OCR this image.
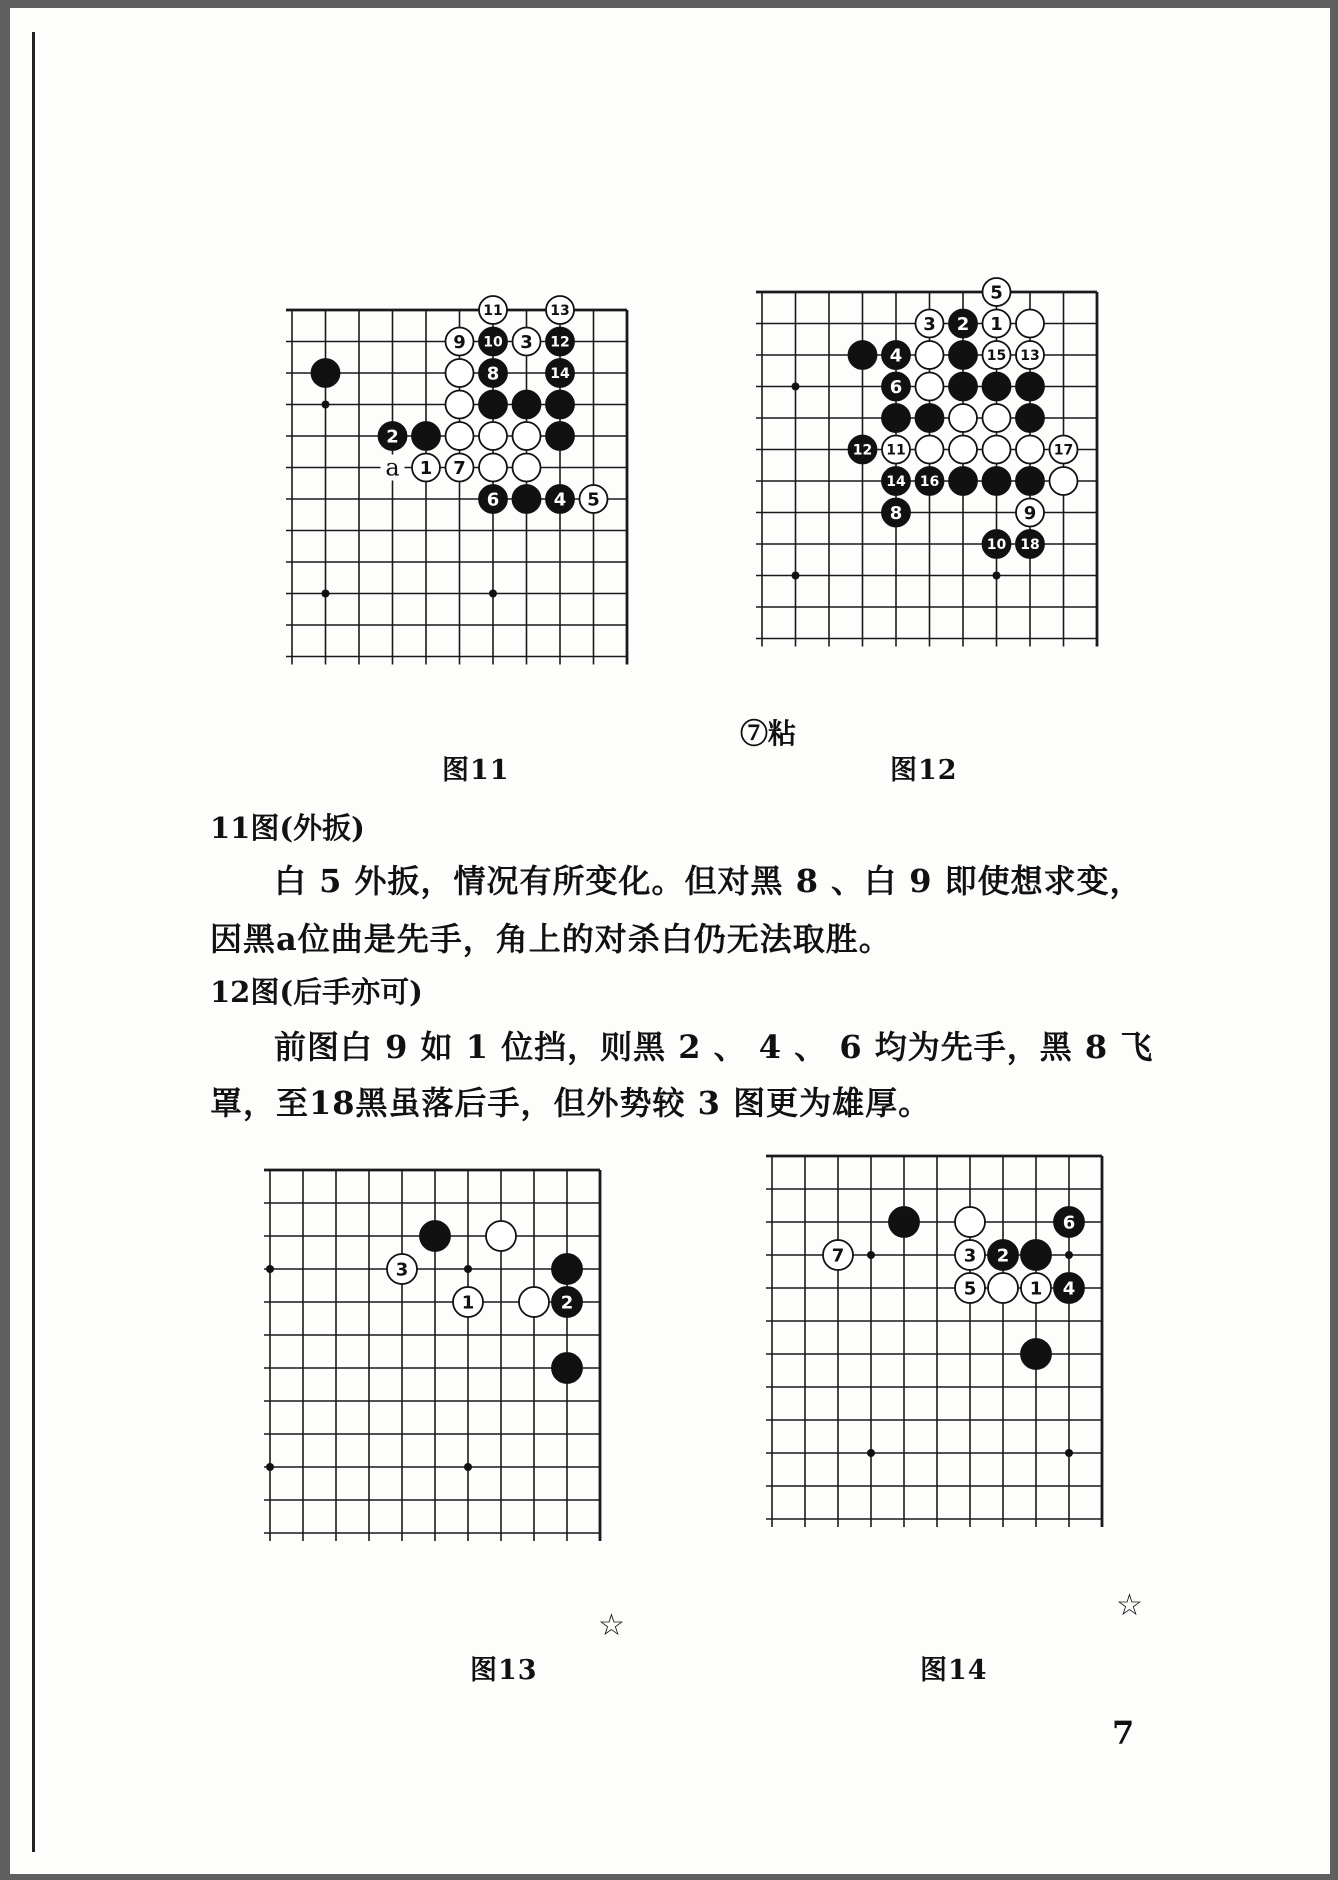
a
11	13
9 10 3 12
8	14
2
1 7
6	4 5
图11
5
3 2 1
4	15 13
6
12 11	17
14 16
8	9
10 18
⑦粘
图12
11图(外扳)
白 5 外扳，情况有所变化。但对黑 8 、白 9 即使想求变，
因黑a位曲是先手，角上的对杀白仍无法取胜。
12图(后手亦可)
前图白 9 如 1 位挡，则黑 2 、 4 、 6 均为先手，黑 8 飞
罩，至18黑虽落后手，但外势较 3 图更为雄厚。
3
1	2
☆
图13
6
7	3 2
5	1 4
☆
图14
7
